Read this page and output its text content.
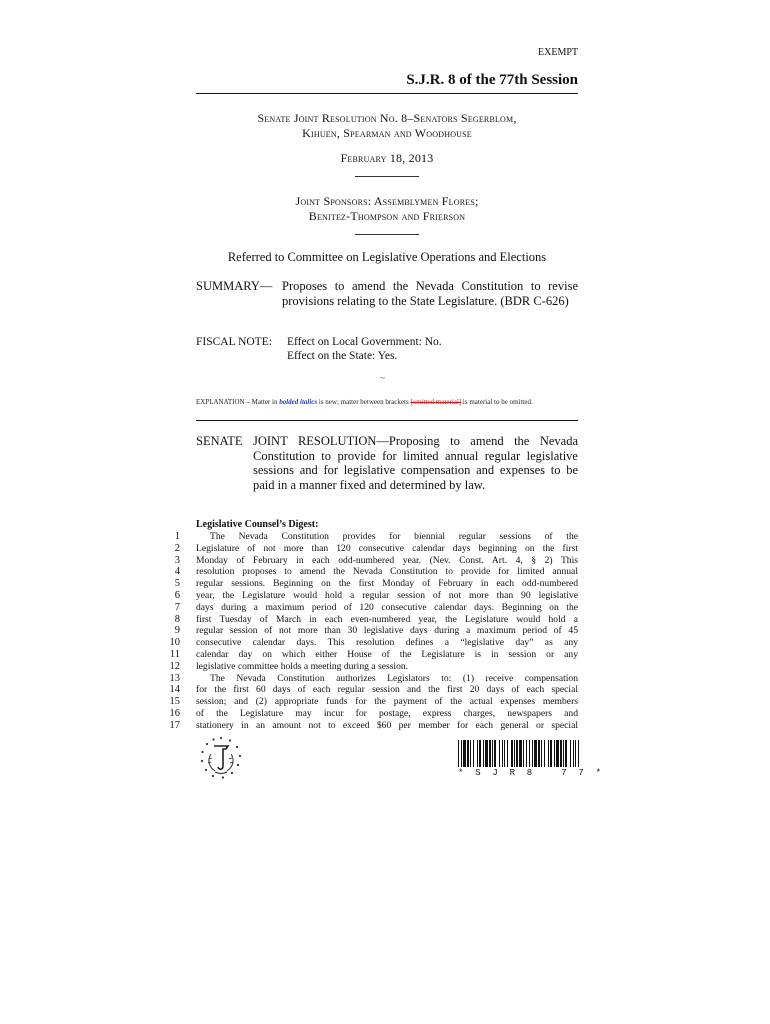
EXEMPT
S.J.R. 8 of the 77th Session
Senate Joint Resolution No. 8–Senators Segerblom,
Kihuen, Spearman and Woodhouse
February 18, 2013
Joint Sponsors: Assemblymen Flores;
Benitez-Thompson and Frierson
Referred to Committee on Legislative Operations and Elections
SUMMARY— Proposes to amend the Nevada Constitution to revise provisions relating to the State Legislature. (BDR C-626)
FISCAL NOTE: Effect on Local Government: No.
Effect on the State: Yes.
~
EXPLANATION – Matter in bolded italics is new; matter between brackets [omitted material] is material to be omitted.
SENATE JOINT RESOLUTION—Proposing to amend the Nevada
Constitution to provide for limited annual regular legislative sessions and for legislative compensation and expenses to be paid in a manner fixed and determined by law.
Legislative Counsel’s Digest:
1
2
3
4
5
6
7
8
9
10
11
12
13
14
15
16
17
The Nevada Constitution provides for biennial regular sessions of the
Legislature of not more than 120 consecutive calendar days beginning on the first
Monday of February in each odd-numbered year. (Nev. Const. Art. 4, § 2) This
resolution proposes to amend the Nevada Constitution to provide for limited annual
regular sessions. Beginning on the first Monday of February in each odd-numbered
year, the Legislature would hold a regular session of not more than 90 legislative
days during a maximum period of 120 consecutive calendar days. Beginning on the
first Tuesday of March in each even-numbered year, the Legislature would hold a
regular session of not more than 30 legislative days during a maximum period of 45
consecutive calendar days. This resolution defines a “legislative day” as any
calendar day on which either House of the Legislature is in session or any
legislative committee holds a meeting during a session.
The Nevada Constitution authorizes Legislators to: (1) receive compensation
for the first 60 days of each regular session and the first 20 days of each special
session; and (2) appropriate funds for the payment of the actual expenses members
of the Legislature may incur for postage, express charges, newspapers and
stationery in an amount not to exceed $60 per member for each general or special
* S J R 8   7 7 *
